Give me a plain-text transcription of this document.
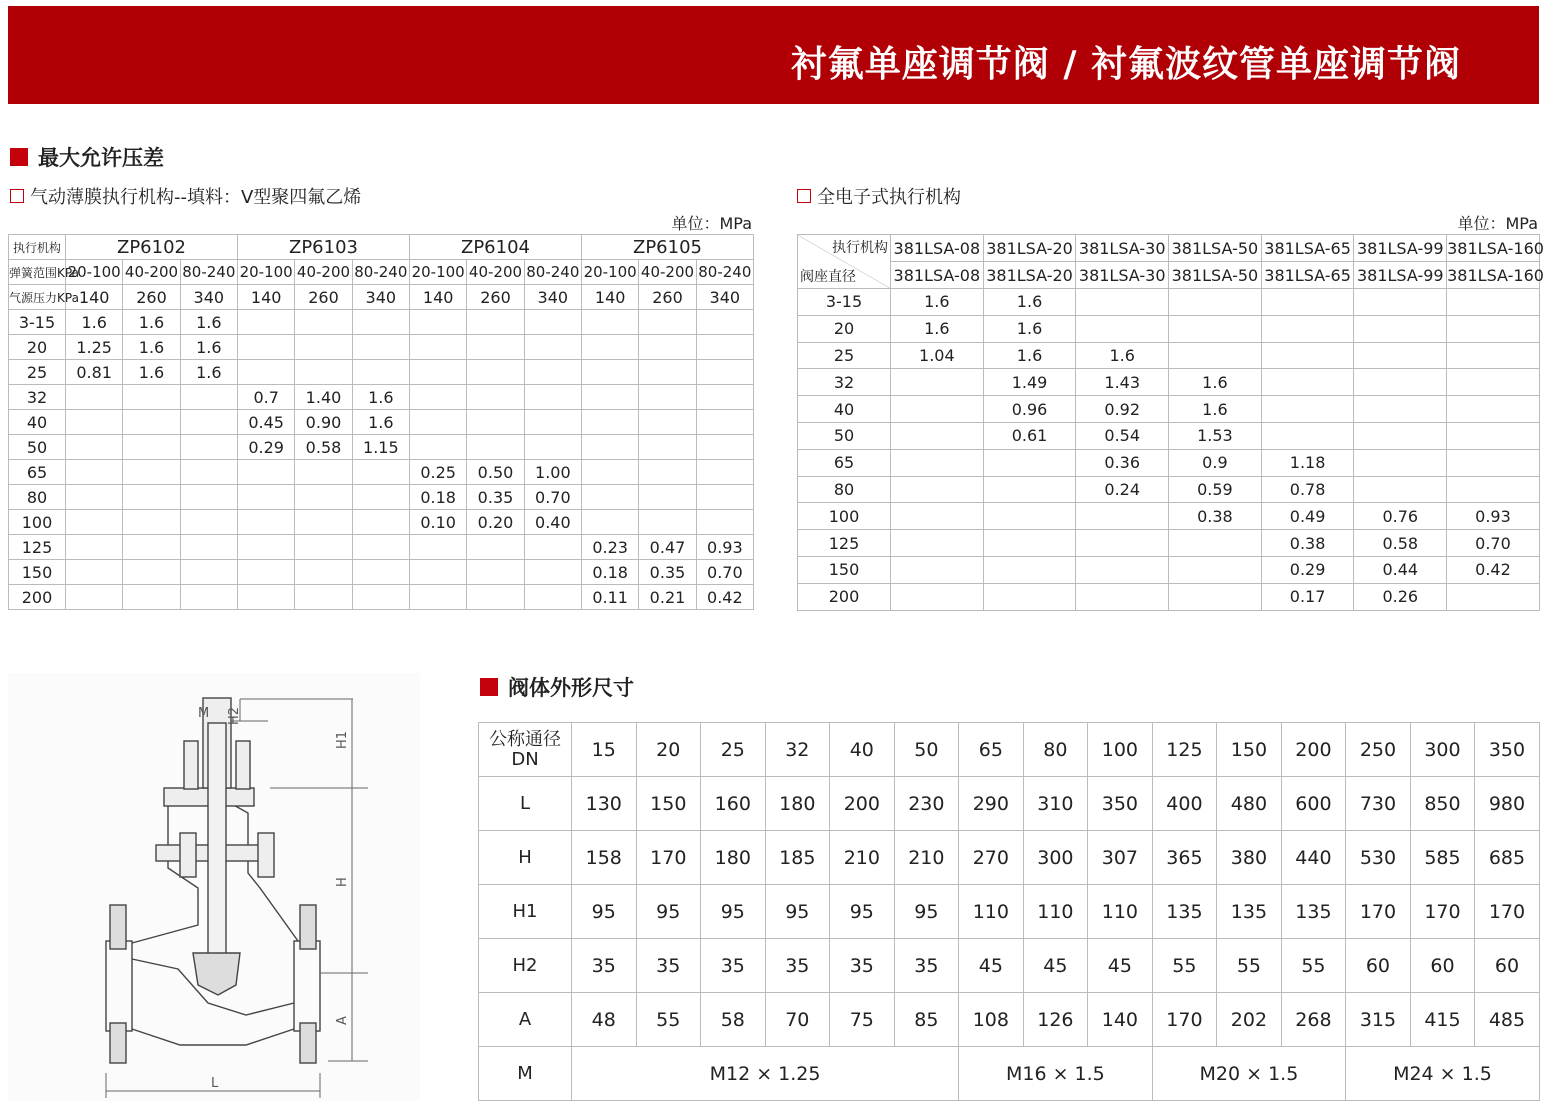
衬氟单座调节阀 / 衬氟波纹管单座调节阀
最大允许压差
气动薄膜执行机构--填料：V型聚四氟乙烯
单位：MPa
全电子式执行机构
单位：MPa
执行机构	ZP6102			ZP6103			ZP6104			ZP6105		
弹簧范围KPa	20-100	40-200	80-240	20-100	40-200	80-240	20-100	40-200	80-240	20-100	40-200	80-240
气源压力KPa	140	260	340	140	260	340	140	260	340	140	260	340
3-15	1.6	1.6	1.6									
20	1.25	1.6	1.6									
25	0.81	1.6	1.6									
32				0.7	1.40	1.6						
40				0.45	0.90	1.6						
50				0.29	0.58	1.15						
65							0.25	0.50	1.00			
80							0.18	0.35	0.70			
100							0.10	0.20	0.40			
125										0.23	0.47	0.93
150										0.18	0.35	0.70
200										0.11	0.21	0.42
执行机构
阀座直径	381LSA-08	381LSA-20	381LSA-30	381LSA-50	381LSA-65	381LSA-99	381LSA-160
	381LSA-08	381LSA-20	381LSA-30	381LSA-50	381LSA-65	381LSA-99	381LSA-160
3-15	1.6	1.6					
20	1.6	1.6					
25	1.04	1.6	1.6				
32		1.49	1.43	1.6			
40		0.96	0.92	1.6			
50		0.61	0.54	1.53			
65			0.36	0.9	1.18		
80			0.24	0.59	0.78		
100				0.38	0.49	0.76	0.93
125					0.38	0.58	0.70
150					0.29	0.44	0.42
200					0.17	0.26	
M H2
H1
H
A
L
阀体外形尺寸
公称通径
DN	15	20	25	32	40	50	65	80	100	125	150	200	250	300	350
L	130	150	160	180	200	230	290	310	350	400	480	600	730	850	980
H	158	170	180	185	210	210	270	300	307	365	380	440	530	585	685
H1	95	95	95	95	95	95	110	110	110	135	135	135	170	170	170
H2	35	35	35	35	35	35	45	45	45	55	55	55	60	60	60
A	48	55	58	70	75	85	108	126	140	170	202	268	315	415	485
M	M12 × 1.25						M16 × 1.5			M20 × 1.5			M24 × 1.5		
